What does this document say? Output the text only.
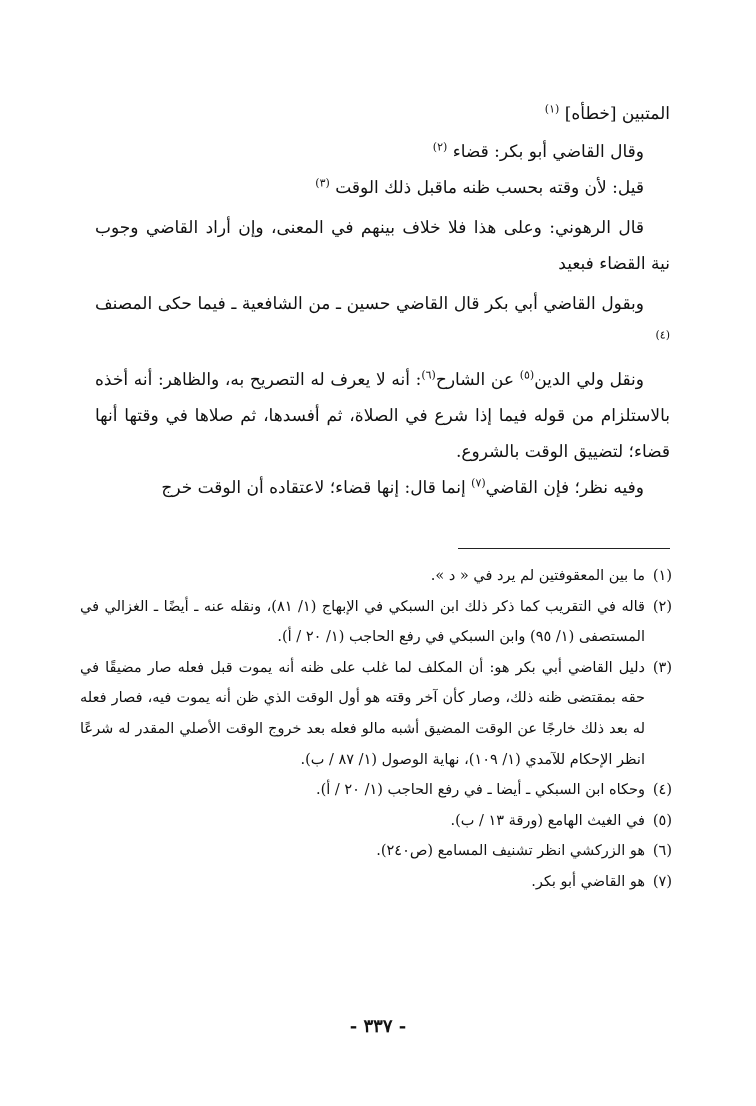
المتبين [خطأه] $^{(١)}$

وقال القاضي أبو بكر: قضاء $^{(٢)}$

قيل: لأن وقته بحسب ظنه ماقبل ذلك الوقت $^{(٣)}$

قال الرهوني: وعلى هذا فلا خلاف بينهم في المعنى، وإن أراد القاضي وجوب نية القضاء فبعيد

وبقول القاضي أبي بكر قال القاضي حسين ـ من الشافعية ـ فيما حكى المصنف $^{(٤)}$

ونقل ولي الدين$^{(٥)}$ عن الشارح$^{(٦)}$: أنه لا يعرف له التصريح به، والظاهر: أنه أخذه بالاستلزام من قوله فيما إذا شرع في الصلاة، ثم أفسدها، ثم صلاها في وقتها أنها قضاء؛ لتضييق الوقت بالشروع.

وفيه نظر؛ فإن القاضي$^{(٧)}$ إنما قال: إنها قضاء؛ لاعتقاده أن الوقت خرج

(١)
ما بين المعقوفتين لم يرد في « د ».
(٢)
قاله في التقريب كما ذكر ذلك ابن السبكي في الإبهاج (١/ ٨١)، ونقله عنه ـ أيضًا ـ الغزالي في المستصفى (١/ ٩٥) وابن السبكي في رفع الحاجب (١/ ٢٠ / أ).
(٣)
دليل القاضي أبي بكر هو: أن المكلف لما غلب على ظنه أنه يموت قبل فعله صار مضيقًا في حقه بمقتضى ظنه ذلك، وصار كأن آخر وقته هو أول الوقت الذي ظن أنه يموت فيه، فصار فعله له بعد ذلك خارجًا عن الوقت المضيق أشبه مالو فعله بعد خروج الوقت الأصلي المقدر له شرعًا انظر الإحكام للآمدي (١/ ١٠٩)، نهاية الوصول (١/ ٨٧ / ب).
(٤)
وحكاه ابن السبكي ـ أيضا ـ في رفع الحاجب (١/ ٢٠ / أ).
(٥)
في الغيث الهامع (ورقة ١٣ / ب).
(٦)
هو الزركشي انظر تشنيف المسامع (ص٢٤٠).
(٧)
هو القاضي أبو بكر.
- ٣٣٧ -
